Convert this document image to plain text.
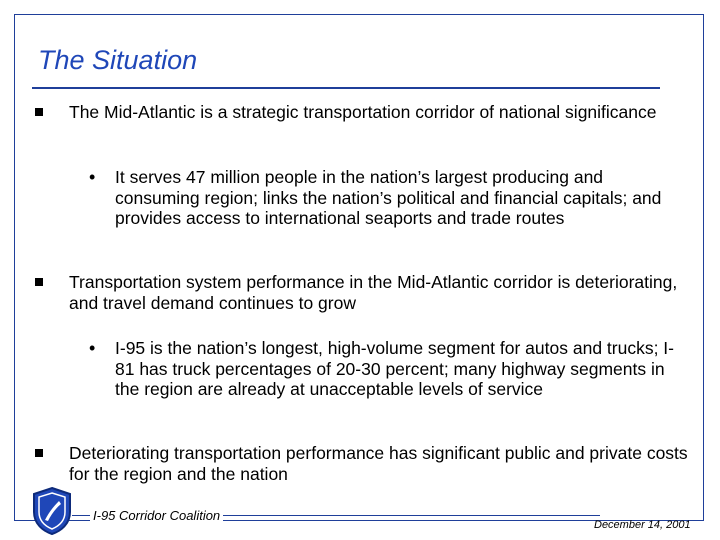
The Situation
The Mid-Atlantic is a strategic transportation corridor of national significance
• It serves 47 million people in the nation’s largest producing and consuming region; links the nation’s political and financial capitals; and provides access to international seaports and trade routes
Transportation system performance in the Mid-Atlantic corridor is deteriorating, and travel demand continues to grow
• I-95 is the nation’s longest, high-volume segment for autos and trucks; I-81 has truck percentages of 20-30 percent; many highway segments in the region are already at unacceptable levels of service
Deteriorating transportation performance has significant public and private costs for the region and the nation
I-95 Corridor Coalition
December 14, 2001
